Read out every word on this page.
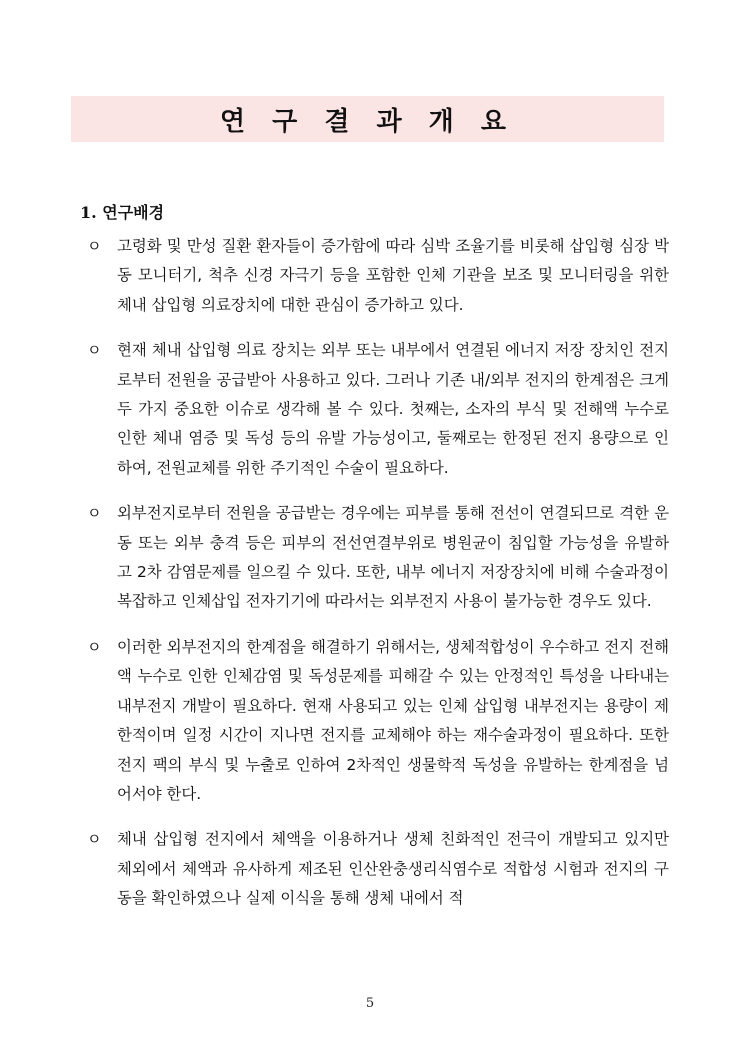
연 구 결 과 개 요
1. 연구배경
ㅇ 고령화 및 만성 질환 환자들이 증가함에 따라 심박 조율기를 비롯해 삽입형 심장 박동 모니터기, 척추 신경 자극기 등을 포함한 인체 기관을 보조 및 모니터링을 위한 체내 삽입형 의료장치에 대한 관심이 증가하고 있다.
ㅇ 현재 체내 삽입형 의료 장치는 외부 또는 내부에서 연결된 에너지 저장 장치인 전지로부터 전원을 공급받아 사용하고 있다. 그러나 기존 내/외부 전지의 한계점은 크게 두 가지 중요한 이슈로 생각해 볼 수 있다. 첫째는, 소자의 부식 및 전해액 누수로 인한 체내 염증 및 독성 등의 유발 가능성이고, 둘째로는 한정된 전지 용량으로 인하여, 전원교체를 위한 주기적인 수술이 필요하다.
ㅇ 외부전지로부터 전원을 공급받는 경우에는 피부를 통해 전선이 연결되므로 격한 운동 또는 외부 충격 등은 피부의 전선연결부위로 병원균이 침입할 가능성을 유발하고 2차 감염문제를 일으킬 수 있다. 또한, 내부 에너지 저장장치에 비해 수술과정이 복잡하고 인체삽입 전자기기에 따라서는 외부전지 사용이 불가능한 경우도 있다.
ㅇ 이러한 외부전지의 한계점을 해결하기 위해서는, 생체적합성이 우수하고 전지 전해액 누수로 인한 인체감염 및 독성문제를 피해갈 수 있는 안정적인 특성을 나타내는 내부전지 개발이 필요하다. 현재 사용되고 있는 인체 삽입형 내부전지는 용량이 제한적이며 일정 시간이 지나면 전지를 교체해야 하는 재수술과정이 필요하다. 또한 전지 팩의 부식 및 누출로 인하여 2차적인 생물학적 독성을 유발하는 한계점을 넘어서야 한다.
ㅇ 체내 삽입형 전지에서 체액을 이용하거나 생체 친화적인 전극이 개발되고 있지만 체외에서 체액과 유사하게 제조된 인산완충생리식염수로 적합성 시험과 전지의 구동을 확인하였으나 실제 이식을 통해 생체 내에서 적
5
